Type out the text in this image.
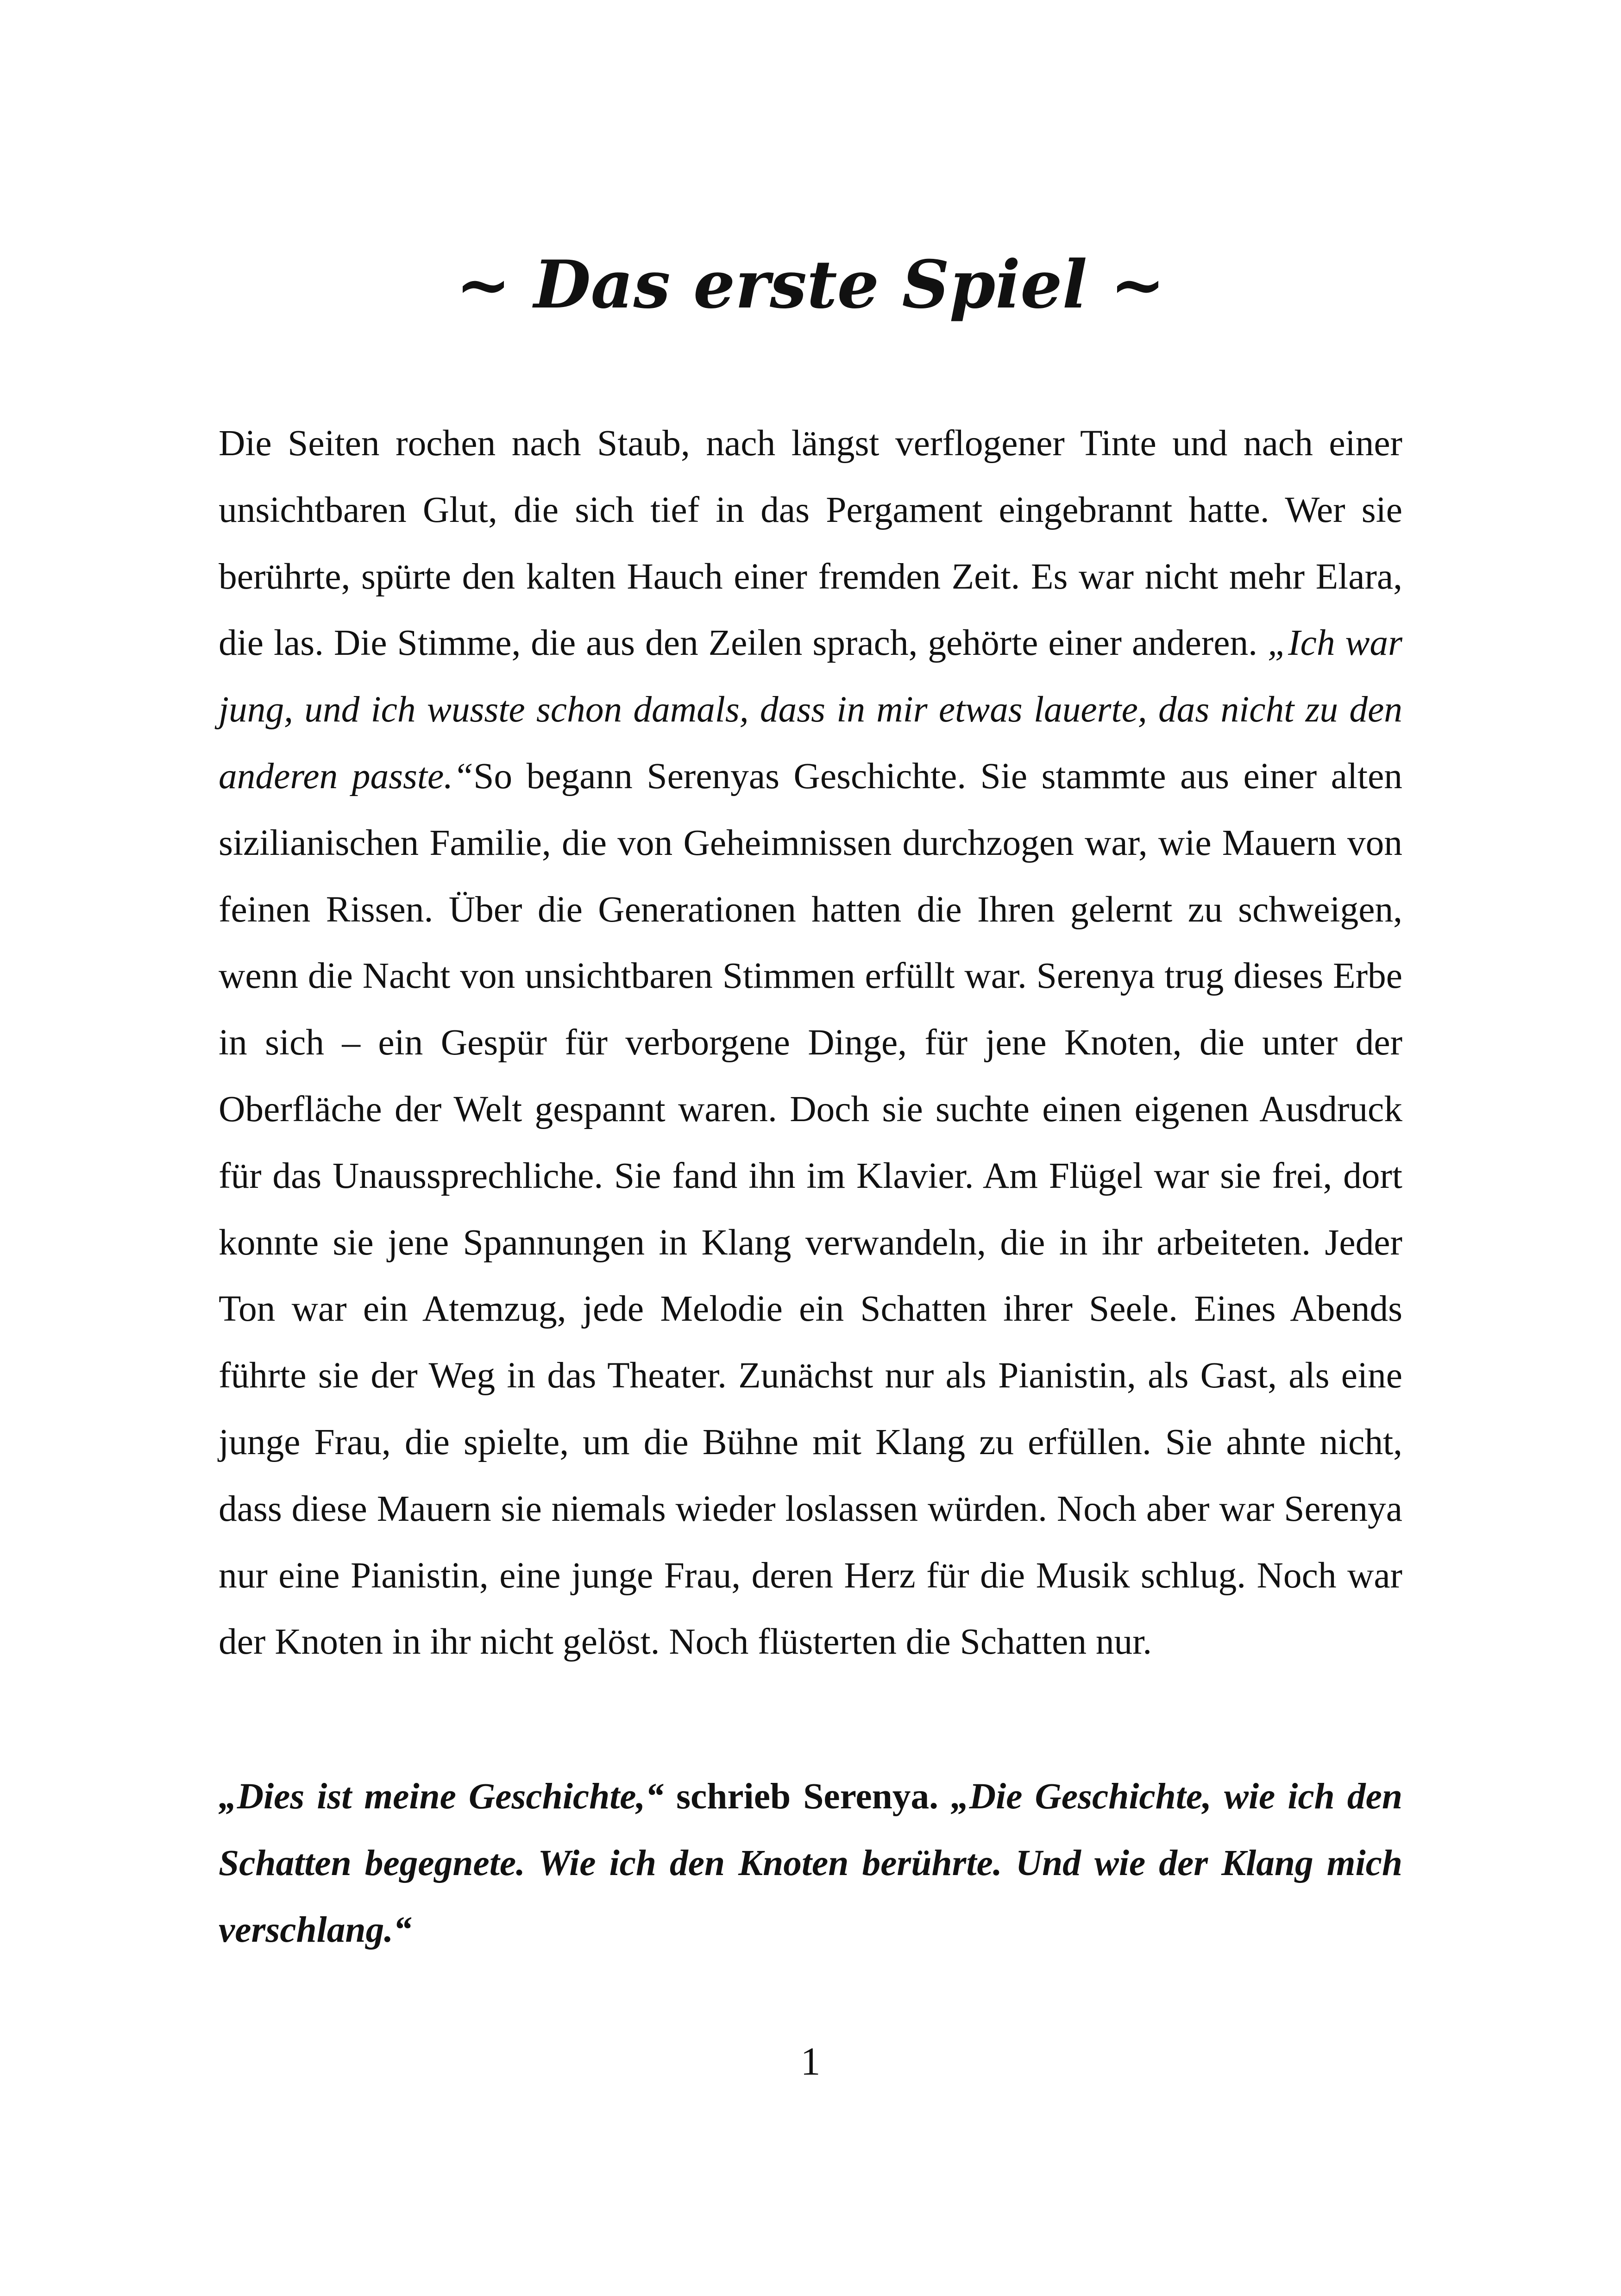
~ Das erste Spiel ~

Die Seiten rochen nach Staub, nach längst verflogener Tinte und nach einer unsichtbaren Glut, die sich tief in das Pergament eingebrannt hatte. Wer sie berührte, spürte den kalten Hauch einer fremden Zeit. Es war nicht mehr Elara, die las. Die Stimme, die aus den Zeilen sprach, gehörte einer anderen. „Ich war jung, und ich wusste schon damals, dass in mir etwas lauerte, das nicht zu den anderen passte.“So begann Serenyas Geschichte. Sie stammte aus einer alten sizilianischen Familie, die von Geheimnissen durchzogen war, wie Mauern von feinen Rissen. Über die Generationen hatten die Ihren gelernt zu schweigen, wenn die Nacht von unsichtbaren Stimmen erfüllt war. Serenya trug dieses Erbe in sich – ein Gespür für verborgene Dinge, für jene Knoten, die unter der Oberfläche der Welt gespannt waren. Doch sie suchte einen eigenen Ausdruck für das Unaussprechliche. Sie fand ihn im Klavier. Am Flügel war sie frei, dort konnte sie jene Spannungen in Klang verwandeln, die in ihr arbeiteten. Jeder Ton war ein Atemzug, jede Melodie ein Schatten ihrer Seele. Eines Abends führte sie der Weg in das Theater. Zunächst nur als Pianistin, als Gast, als eine junge Frau, die spielte, um die Bühne mit Klang zu erfüllen. Sie ahnte nicht, dass diese Mauern sie niemals wieder loslassen würden. Noch aber war Serenya nur eine Pianistin, eine junge Frau, deren Herz für die Musik schlug. Noch war der Knoten in ihr nicht gelöst. Noch flüsterten die Schatten nur.

„Dies ist meine Geschichte,“ schrieb Serenya. „Die Geschichte, wie ich den Schatten begegnete. Wie ich den Knoten berührte. Und wie der Klang mich verschlang.“

1
